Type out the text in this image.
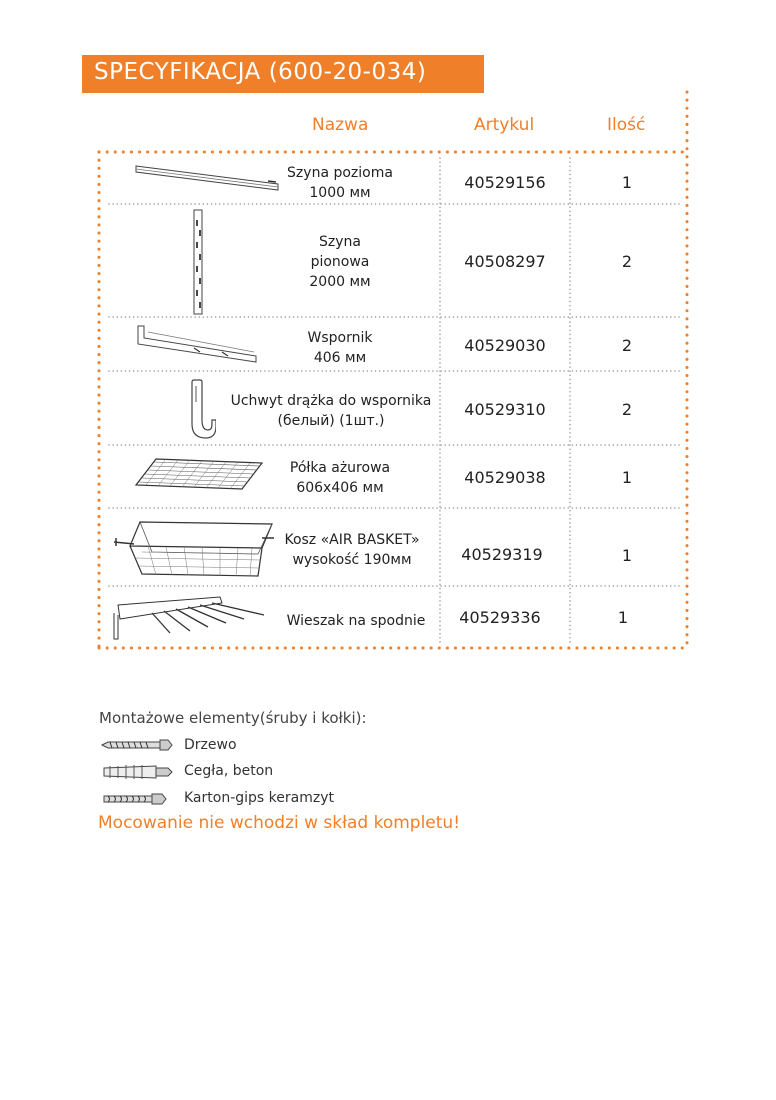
SPECYFIKACJA (600-20-034)
Nazwa	Artykul	Ilość
Szyna pozioma
1000 мм
40529156	1
Szyna
pionowa
2000 мм
40508297	2
Wspornik
406 мм
40529030	2
Uchwyt drążka do wspornika
(белый) (1шт.)
40529310	2
Półka ażurowa
606x406 мм
40529038	1
Kosz «AIR BASKET»
wysokość 190мм	40529319	1
Wieszak na spodnie	40529336	1
Montażowe elementy(śruby i kołki):
Drzewo
Cegła, beton
Karton-gips keramzyt
Mocowanie nie wchodzi w skład kompletu!
